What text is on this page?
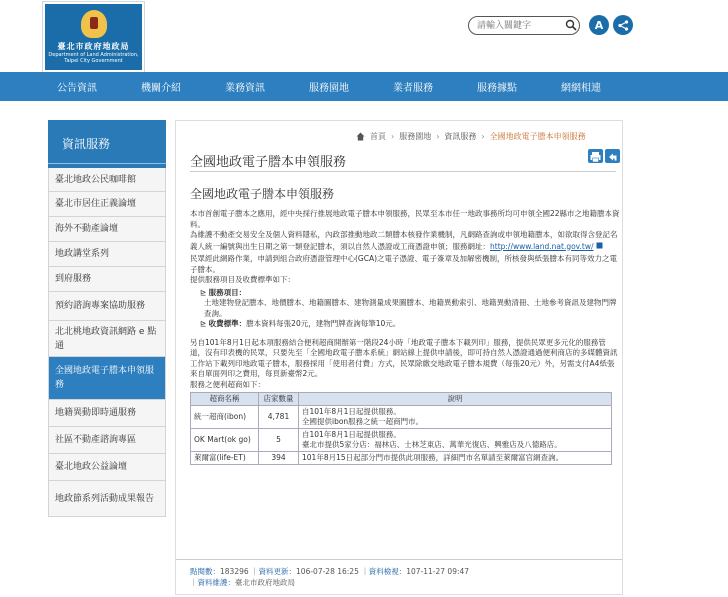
臺北市政府地政局
Department of Land Administration,
Taipei City Government
請輸入關鍵字
A
公告資訊	機關介紹	業務資訊	服務園地	業者服務	服務據點	網網相連
資訊服務
臺北地政公民咖啡館
臺北市居住正義論壇
海外不動產論壇
地政講堂系列
到府服務
預約諮詢專案協助服務
北北桃地政資訊網路 e 點通
全國地政電子謄本申領服務
地籍異動即時通服務
社區不動產諮詢專區
臺北地政公益論壇
地政節系列活動成果報告
首頁 › 服務園地 › 資訊服務 › 全國地政電子謄本申領服務
全國地政電子謄本申領服務
全國地政電子謄本申領服務

本市首創電子謄本之應用，經中央採行推展地政電子謄本申領服務，民眾至本市任一地政事務所均可申領全國22縣市之地籍謄本資料。

為維護不動產交易安全及個人資料隱私，內政部推動地政二類謄本核發作業機制，凡網路查詢或申領地籍謄本，如欲取得含登記名義人統一編號與出生日期之第一類登記謄本，須以自然人憑證或工商憑證申領；服務網址：http://www.land.nat.gov.tw/

民眾經此網路作業，申請到組合政府憑證管理中心(GCA)之電子憑證、電子簽章及加解密機制，所核發與紙張謄本有同等效力之電子謄本。

提供服務項目及收費標準如下：

⊵ 服務項目：

土地建物登記謄本、地價謄本、地籍圖謄本、建物測量成果圖謄本、地籍異動索引、地籍異動清冊、土地參考資訊及建物門牌查詢。

⊵ 收費標準：謄本資料每張20元，建物門牌查詢每筆10元。

另自101年8月1日起本項服務結合便利超商開辦第一階段24小時「地政電子謄本下載列印」服務，提供民眾更多元化的服務管道，沒有印表機的民眾，只要先至「全國地政電子謄本系統」網站線上提供申請後，即可持自然人憑證通過便利商店的多媒體資訊工作站下載列印地政電子謄本，服務採用「使用者付費」方式，民眾除繳交地政電子謄本規費（每張20元）外，另需支付A4紙張來自單面列印之費用，每頁新臺幣2元。

服務之便利超商如下：

超商名稱	店家數量	說明
統一超商(ibon)	4,781	自101年8月1日起提供服務。
全國提供ibon服務之統一超商門市。

OK Mart(ok go)	5	自101年8月1日起提供服務。
臺北市提供5家分店：福林店、士林芝東店、萬華光復店、興雅店及八德路店。

萊爾富(life-ET)	394	101年8月15日起部分門市提供此項服務，詳細門市名單請至萊爾富官網查詢。
點閱數：183296 ｜資料更新：106-07-28 16:25 ｜資料檢視：107-11-27 09:47
｜資料維護：臺北市政府地政局
